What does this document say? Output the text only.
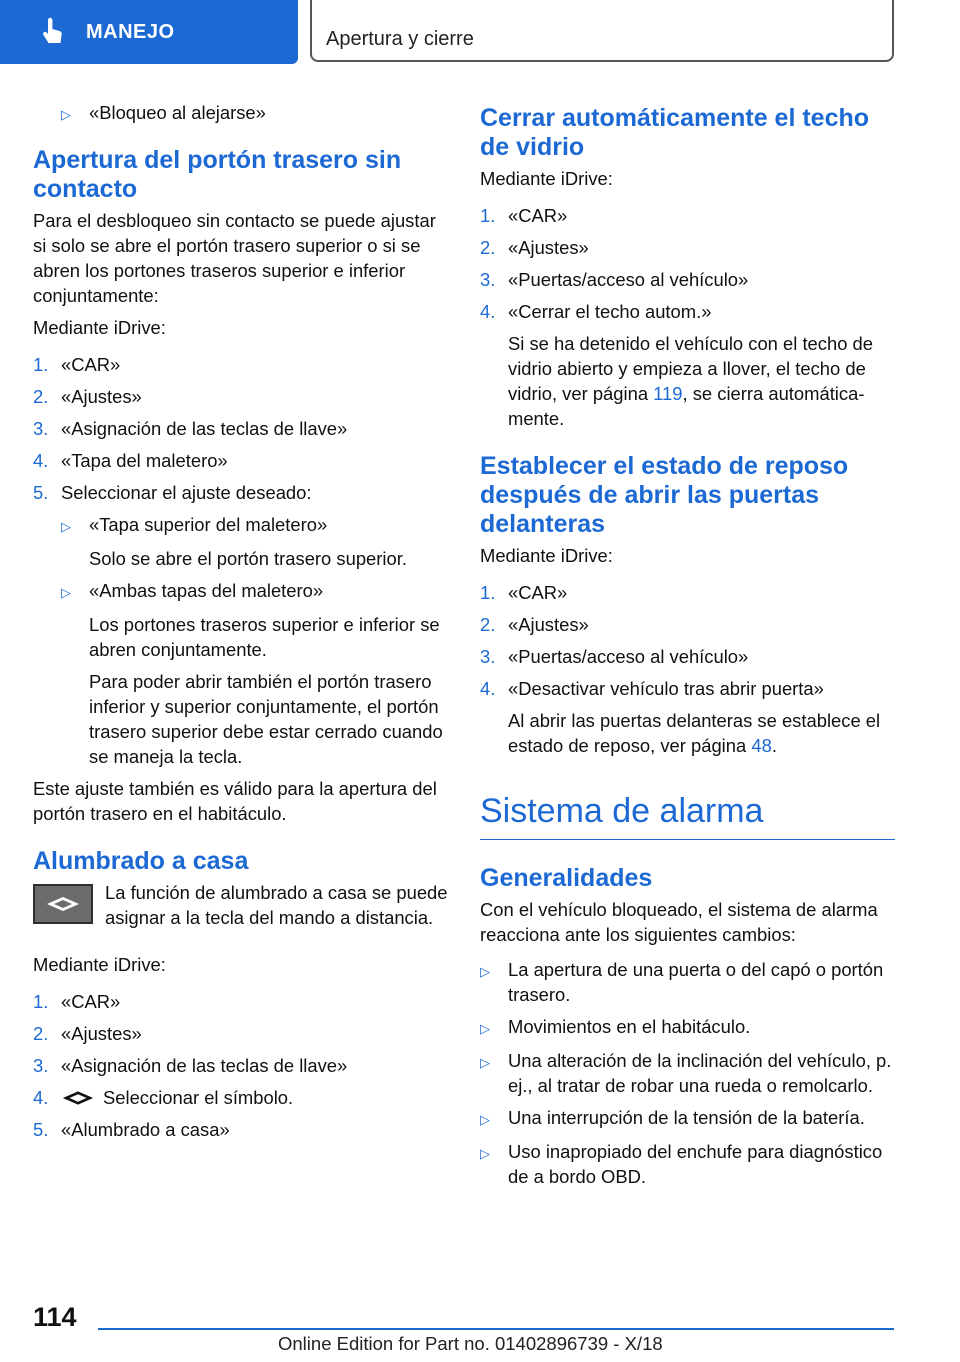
MANEJO	Apertura y cierre
▷ «Bloqueo al alejarse»
Apertura del portón trasero sin contacto

Para el desbloqueo sin contacto se puede ajustar si solo se abre el portón trasero superior o si se abren los portones traseros superior e inferior conjuntamente:

Mediante iDrive:

1. «CAR»
2. «Ajustes»
3. «Asignación de las teclas de llave»
4. «Tapa del maletero»
5. Seleccionar el ajuste deseado:
▷ «Tapa superior del maletero»

Solo se abre el portón trasero superior.

▷ «Ambas tapas del maletero»

Los portones traseros superior e inferior se abren conjuntamente.

Para poder abrir también el portón trasero inferior y superior conjuntamente, el portón trasero superior debe estar cerrado cuando se maneja la tecla.

Este ajuste también es válido para la apertura del portón trasero en el habitáculo.

Alumbrado a casa

La función de alumbrado a casa se puede asignar a la tecla del mando a distancia.

Mediante iDrive:

1. «CAR»
2. «Ajustes»
3. «Asignación de las teclas de llave»
4.	Seleccionar el símbolo.
5. «Alumbrado a casa»
Cerrar automáticamente el techo de vidrio

Mediante iDrive:

1. «CAR»
2. «Ajustes»
3. «Puertas/acceso al vehículo»
4. «Cerrar el techo autom.»

Si se ha detenido el vehículo con el techo de vidrio abierto y empieza a llover, el techo de vidrio, ver página 119, se cierra automáticamente.

Establecer el estado de reposo después de abrir las puertas delanteras

Mediante iDrive:

1. «CAR»
2. «Ajustes»
3. «Puertas/acceso al vehículo»
4. «Desactivar vehículo tras abrir puerta»

Al abrir las puertas delanteras se establece el estado de reposo, ver página 48.

Sistema de alarma
Generalidades

Con el vehículo bloqueado, el sistema de alarma reacciona ante los siguientes cambios:

▷ La apertura de una puerta o del capó o portón trasero.
▷ Movimientos en el habitáculo.
▷ Una alteración de la inclinación del vehículo, p. ej., al tratar de robar una rueda o remolcarlo.
▷ Una interrupción de la tensión de la batería.
▷ Uso inapropiado del enchufe para diagnóstico de a bordo OBD.
114
Online Edition for Part no. 01402896739 - X/18
